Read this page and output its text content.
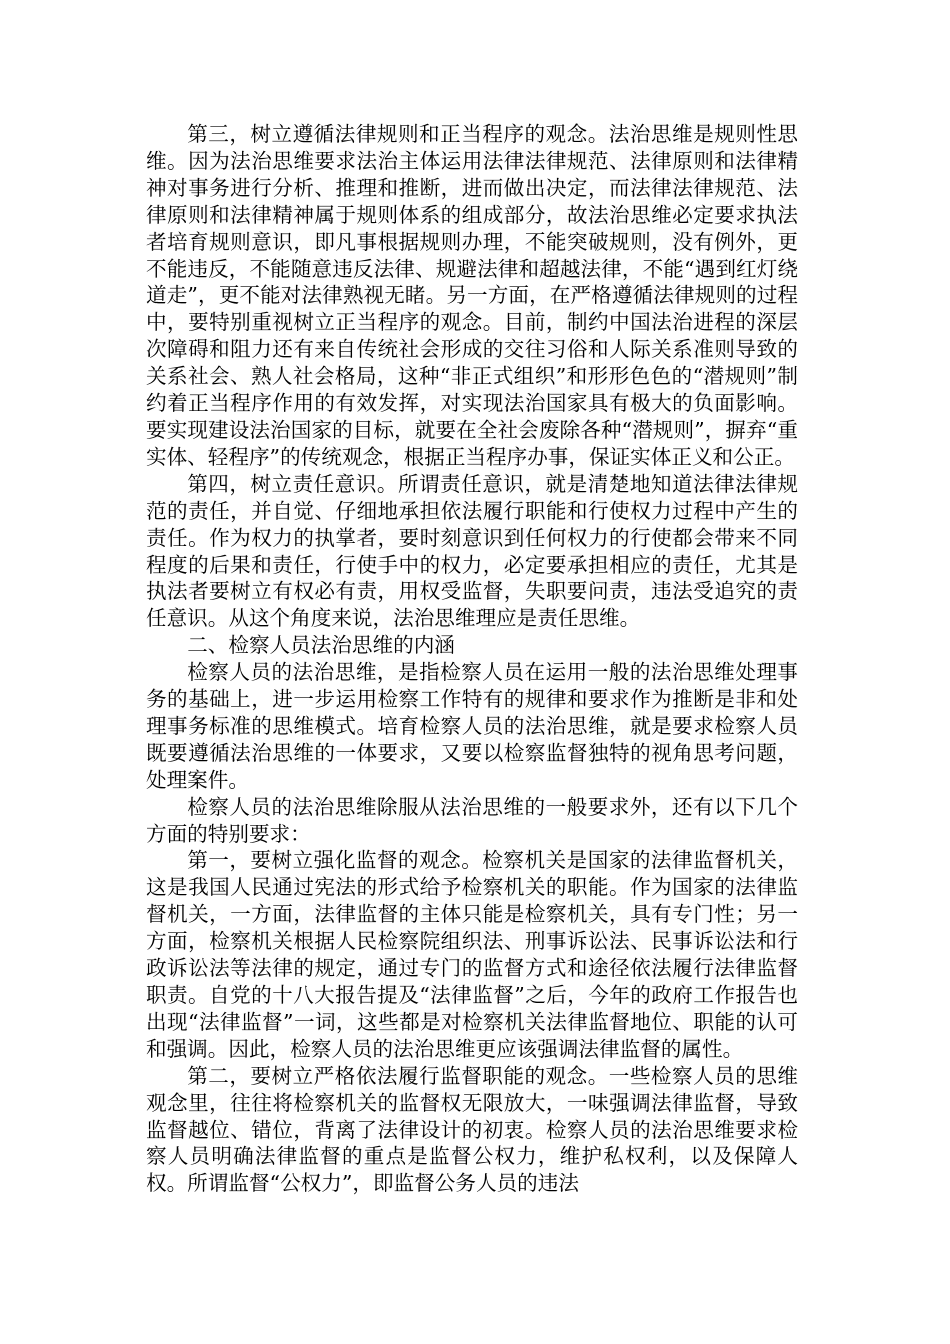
第三，树立遵循法律规则和正当程序的观念。法治思维是规则性思维。因为法治思维要求法治主体运用法律法律规范、法律原则和法律精神对事务进行分析、推理和推断，进而做出决定，而法律法律规范、法律原则和法律精神属于规则体系的组成部分，故法治思维必定要求执法者培育规则意识，即凡事根据规则办理，不能突破规则，没有例外，更不能违反，不能随意违反法律、规避法律和超越法律，不能“遇到红灯绕道走”，更不能对法律熟视无睹。另一方面，在严格遵循法律规则的过程中，要特别重视树立正当程序的观念。目前，制约中国法治进程的深层次障碍和阻力还有来自传统社会形成的交往习俗和人际关系准则导致的关系社会、熟人社会格局，这种“非正式组织”和形形色色的“潜规则”制约着正当程序作用的有效发挥，对实现法治国家具有极大的负面影响。要实现建设法治国家的目标，就要在全社会废除各种“潜规则”，摒弃“重实体、轻程序”的传统观念，根据正当程序办事，保证实体正义和公正。

第四，树立责任意识。所谓责任意识，就是清楚地知道法律法律规范的责任，并自觉、仔细地承担依法履行职能和行使权力过程中产生的责任。作为权力的执掌者，要时刻意识到任何权力的行使都会带来不同程度的后果和责任，行使手中的权力，必定要承担相应的责任，尤其是执法者要树立有权必有责，用权受监督，失职要问责，违法受追究的责任意识。从这个角度来说，法治思维理应是责任思维。

二、检察人员法治思维的内涵

检察人员的法治思维，是指检察人员在运用一般的法治思维处理事务的基础上，进一步运用检察工作特有的规律和要求作为推断是非和处理事务标准的思维模式。培育检察人员的法治思维，就是要求检察人员既要遵循法治思维的一体要求，又要以检察监督独特的视角思考问题，处理案件。

检察人员的法治思维除服从法治思维的一般要求外，还有以下几个方面的特别要求：

第一，要树立强化监督的观念。检察机关是国家的法律监督机关，这是我国人民通过宪法的形式给予检察机关的职能。作为国家的法律监督机关，一方面，法律监督的主体只能是检察机关，具有专门性；另一方面，检察机关根据人民检察院组织法、刑事诉讼法、民事诉讼法和行政诉讼法等法律的规定，通过专门的监督方式和途径依法履行法律监督职责。自党的十八大报告提及“法律监督”之后，今年的政府工作报告也出现“法律监督”一词，这些都是对检察机关法律监督地位、职能的认可和强调。因此，检察人员的法治思维更应该强调法律监督的属性。

第二，要树立严格依法履行监督职能的观念。一些检察人员的思维观念里，往往将检察机关的监督权无限放大，一味强调法律监督，导致监督越位、错位，背离了法律设计的初衷。检察人员的法治思维要求检察人员明确法律监督的重点是监督公权力，维护私权利，以及保障人权。所谓监督“公权力”，即监督公务人员的违法
